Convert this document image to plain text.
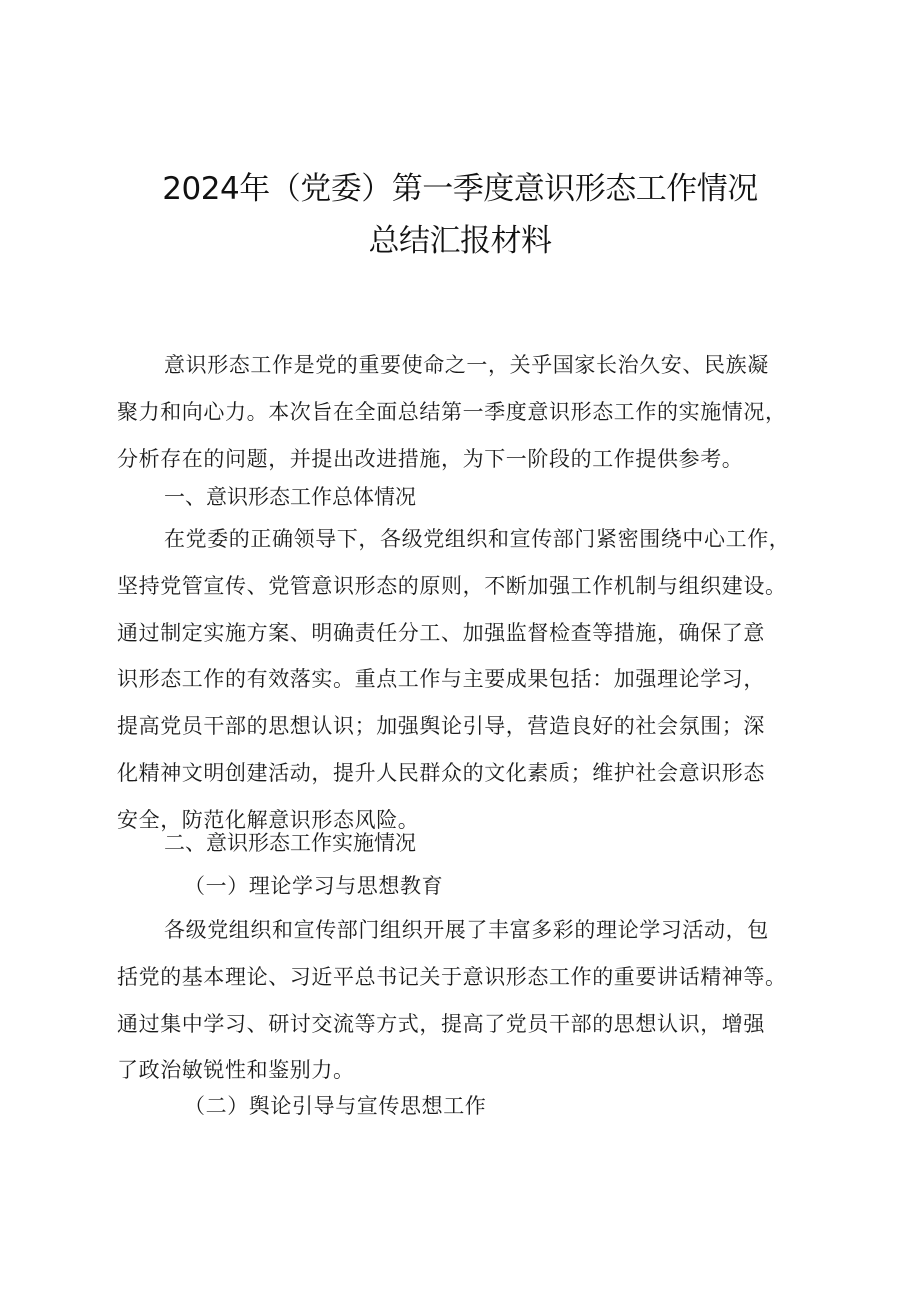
2024年（党委）第一季度意识形态工作情况
总结汇报材料

意识形态工作是党的重要使命之一，关乎国家长治久安、民族凝
聚力和向心力。本次旨在全面总结第一季度意识形态工作的实施情况，
分析存在的问题，并提出改进措施，为下一阶段的工作提供参考。

一、意识形态工作总体情况

在党委的正确领导下，各级党组织和宣传部门紧密围绕中心工作，
坚持党管宣传、党管意识形态的原则，不断加强工作机制与组织建设。
通过制定实施方案、明确责任分工、加强监督检查等措施，确保了意
识形态工作的有效落实。重点工作与主要成果包括：加强理论学习，
提高党员干部的思想认识；加强舆论引导，营造良好的社会氛围；深
化精神文明创建活动，提升人民群众的文化素质；维护社会意识形态
安全，防范化解意识形态风险。

二、意识形态工作实施情况

（一）理论学习与思想教育

各级党组织和宣传部门组织开展了丰富多彩的理论学习活动，包
括党的基本理论、习近平总书记关于意识形态工作的重要讲话精神等。
通过集中学习、研讨交流等方式，提高了党员干部的思想认识，增强
了政治敏锐性和鉴别力。

（二）舆论引导与宣传思想工作
